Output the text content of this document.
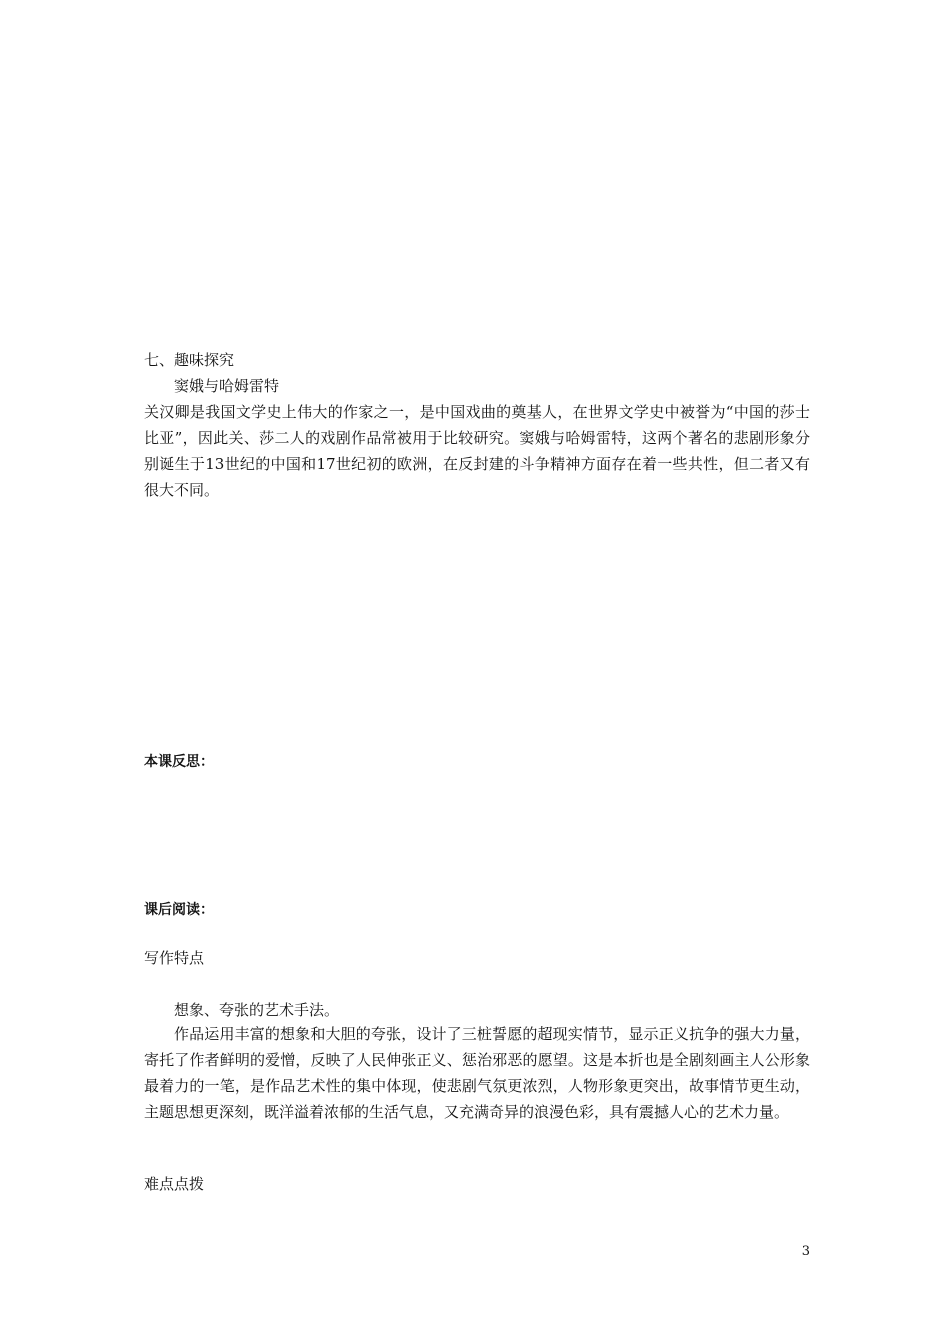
七、趣味探究

窦娥与哈姆雷特

关汉卿是我国文学史上伟大的作家之一，是中国戏曲的奠基人，在世界文学史中被誉为“中国的莎士比亚”，因此关、莎二人的戏剧作品常被用于比较研究。窦娥与哈姆雷特，这两个著名的悲剧形象分别诞生于13世纪的中国和17世纪初的欧洲，在反封建的斗争精神方面存在着一些共性，但二者又有很大不同。

本课反思：

课后阅读：

写作特点

想象、夸张的艺术手法。

作品运用丰富的想象和大胆的夸张，设计了三桩誓愿的超现实情节，显示正义抗争的强大力量，寄托了作者鲜明的爱憎，反映了人民伸张正义、惩治邪恶的愿望。这是本折也是全剧刻画主人公形象最着力的一笔，是作品艺术性的集中体现，使悲剧气氛更浓烈，人物形象更突出，故事情节更生动，主题思想更深刻，既洋溢着浓郁的生活气息，又充满奇异的浪漫色彩，具有震撼人心的艺术力量。

难点点拨

3
